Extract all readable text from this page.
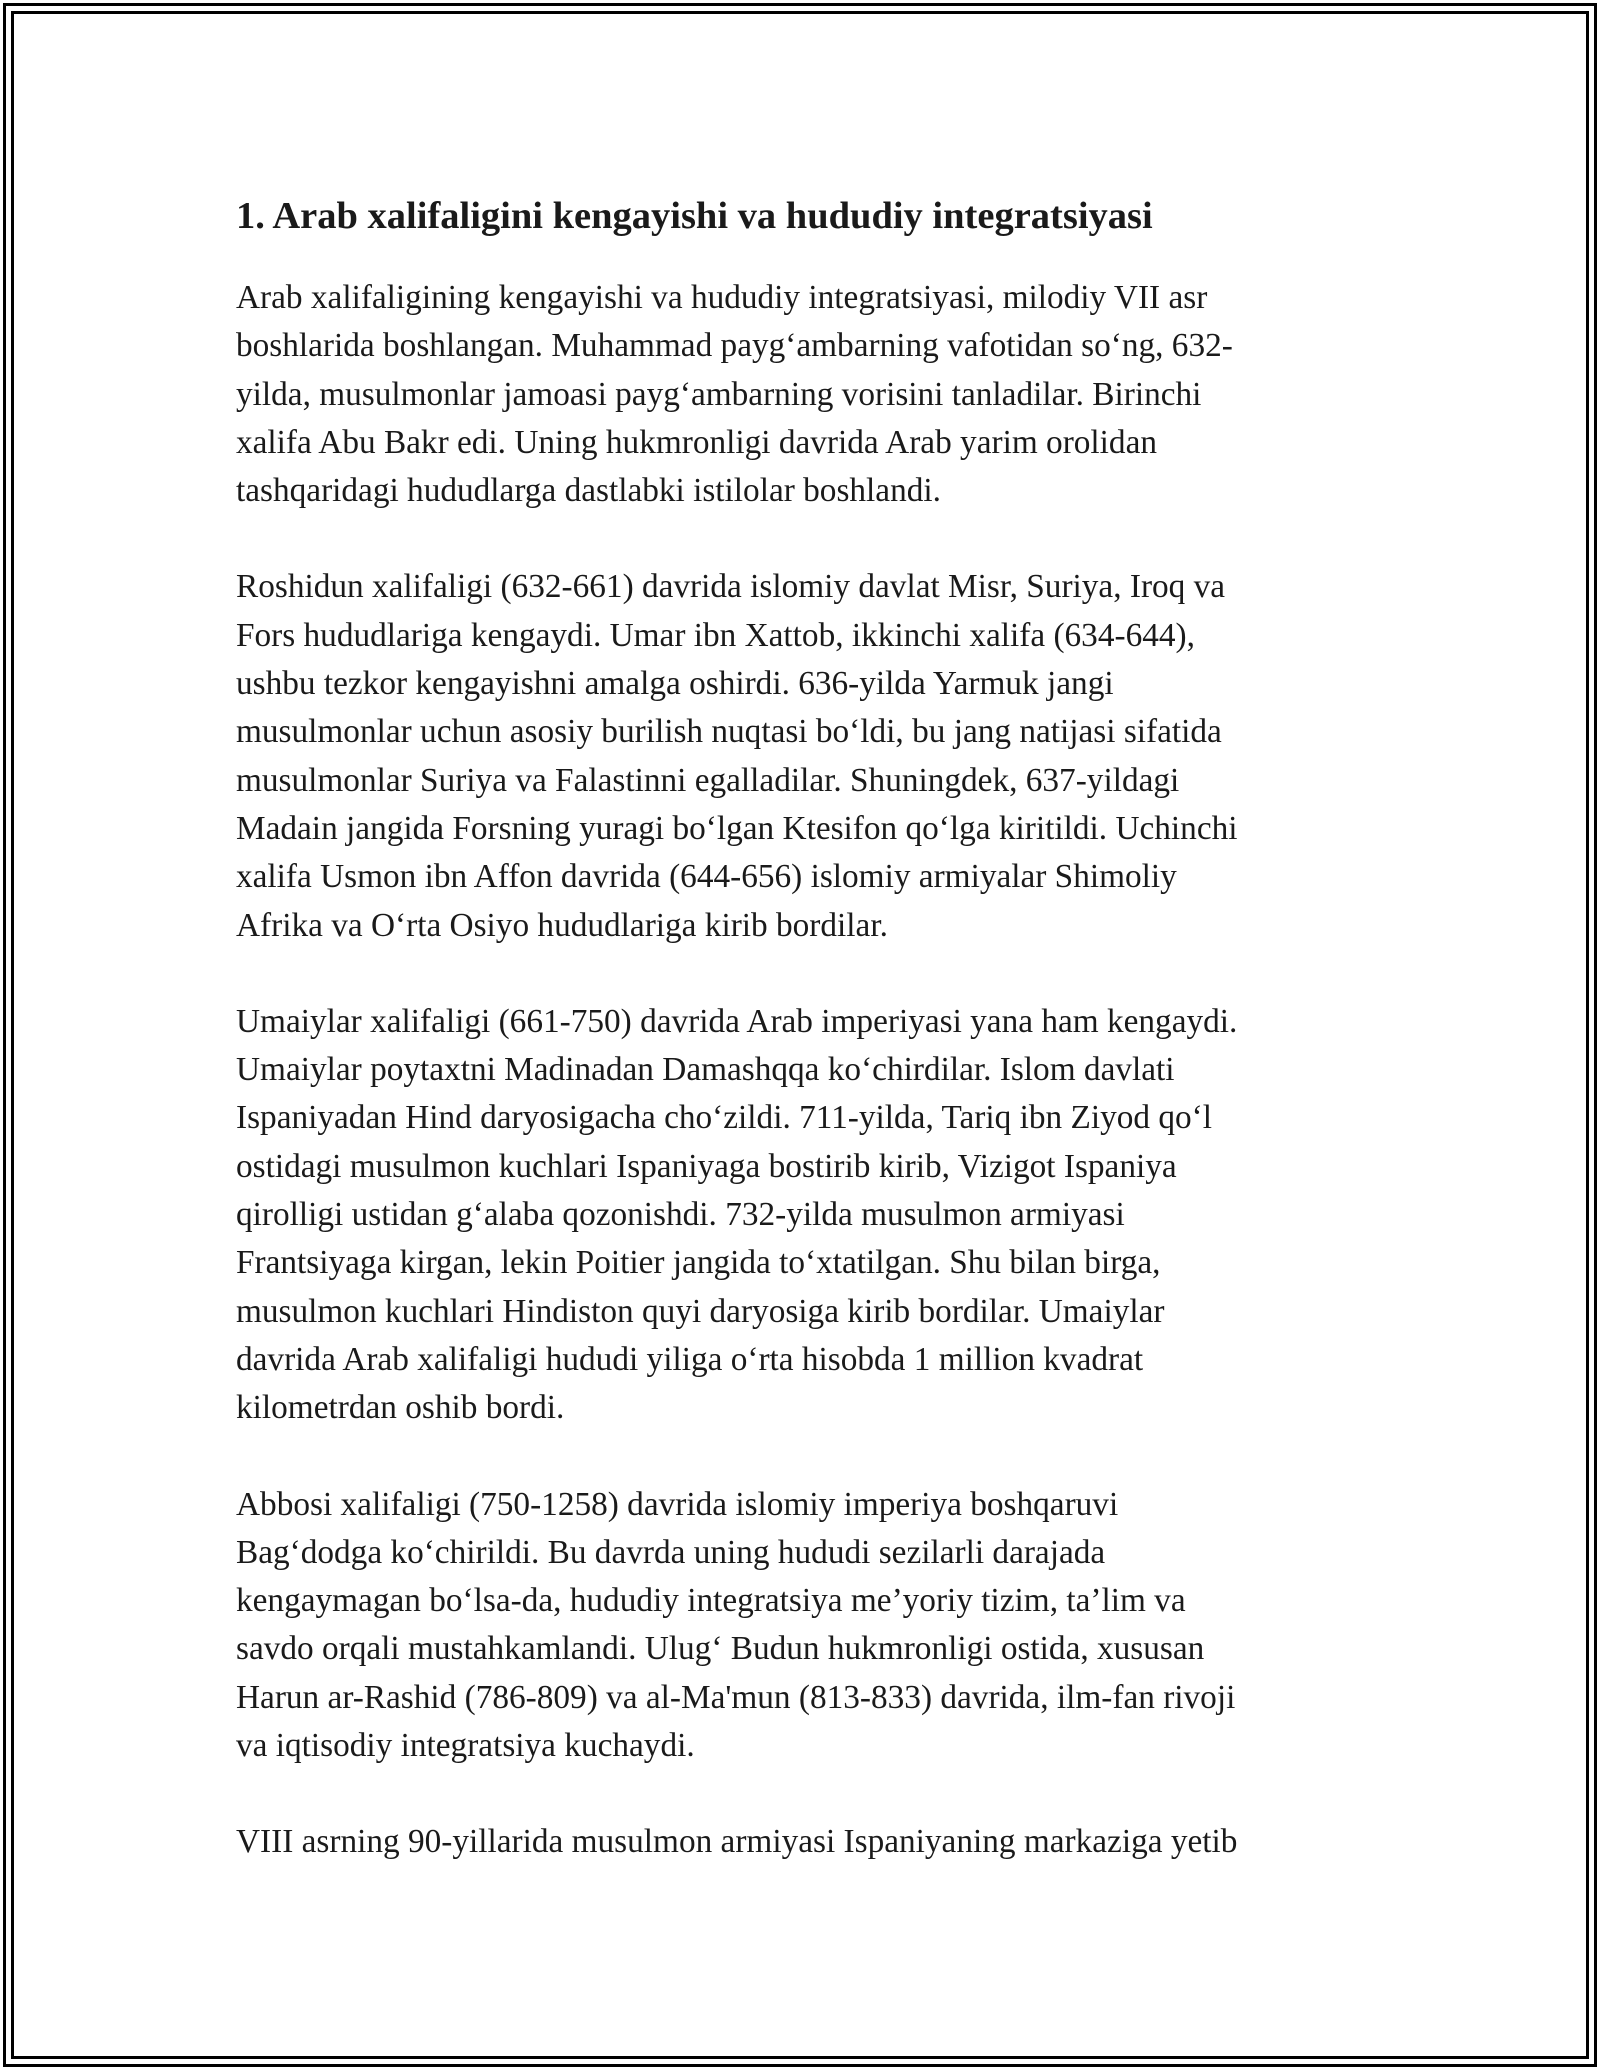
1. Arab xalifaligini kengayishi va hududiy integratsiyasi

Arab xalifaligining kengayishi va hududiy integratsiyasi, milodiy VII asr
boshlarida boshlangan. Muhammad payg‘ambarning vafotidan so‘ng, 632-
yilda, musulmonlar jamoasi payg‘ambarning vorisini tanladilar. Birinchi
xalifa Abu Bakr edi. Uning hukmronligi davrida Arab yarim orolidan
tashqaridagi hududlarga dastlabki istilolar boshlandi.

Roshidun xalifaligi (632-661) davrida islomiy davlat Misr, Suriya, Iroq va
Fors hududlariga kengaydi. Umar ibn Xattob, ikkinchi xalifa (634-644),
ushbu tezkor kengayishni amalga oshirdi. 636-yilda Yarmuk jangi
musulmonlar uchun asosiy burilish nuqtasi bo‘ldi, bu jang natijasi sifatida
musulmonlar Suriya va Falastinni egalladilar. Shuningdek, 637-yildagi
Madain jangida Forsning yuragi bo‘lgan Ktesifon qo‘lga kiritildi. Uchinchi
xalifa Usmon ibn Affon davrida (644-656) islomiy armiyalar Shimoliy
Afrika va O‘rta Osiyo hududlariga kirib bordilar.

Umaiylar xalifaligi (661-750) davrida Arab imperiyasi yana ham kengaydi.
Umaiylar poytaxtni Madinadan Damashqqa ko‘chirdilar. Islom davlati
Ispaniyadan Hind daryosigacha cho‘zildi. 711-yilda, Tariq ibn Ziyod qo‘l
ostidagi musulmon kuchlari Ispaniyaga bostirib kirib, Vizigot Ispaniya
qirolligi ustidan g‘alaba qozonishdi. 732-yilda musulmon armiyasi
Frantsiyaga kirgan, lekin Poitier jangida to‘xtatilgan. Shu bilan birga,
musulmon kuchlari Hindiston quyi daryosiga kirib bordilar. Umaiylar
davrida Arab xalifaligi hududi yiliga o‘rta hisobda 1 million kvadrat
kilometrdan oshib bordi.

Abbosi xalifaligi (750-1258) davrida islomiy imperiya boshqaruvi
Bag‘dodga ko‘chirildi. Bu davrda uning hududi sezilarli darajada
kengaymagan bo‘lsa-da, hududiy integratsiya me’yoriy tizim, ta’lim va
savdo orqali mustahkamlandi. Ulug‘ Budun hukmronligi ostida, xususan
Harun ar-Rashid (786-809) va al-Ma'mun (813-833) davrida, ilm-fan rivoji
va iqtisodiy integratsiya kuchaydi.

VIII asrning 90-yillarida musulmon armiyasi Ispaniyaning markaziga yetib
